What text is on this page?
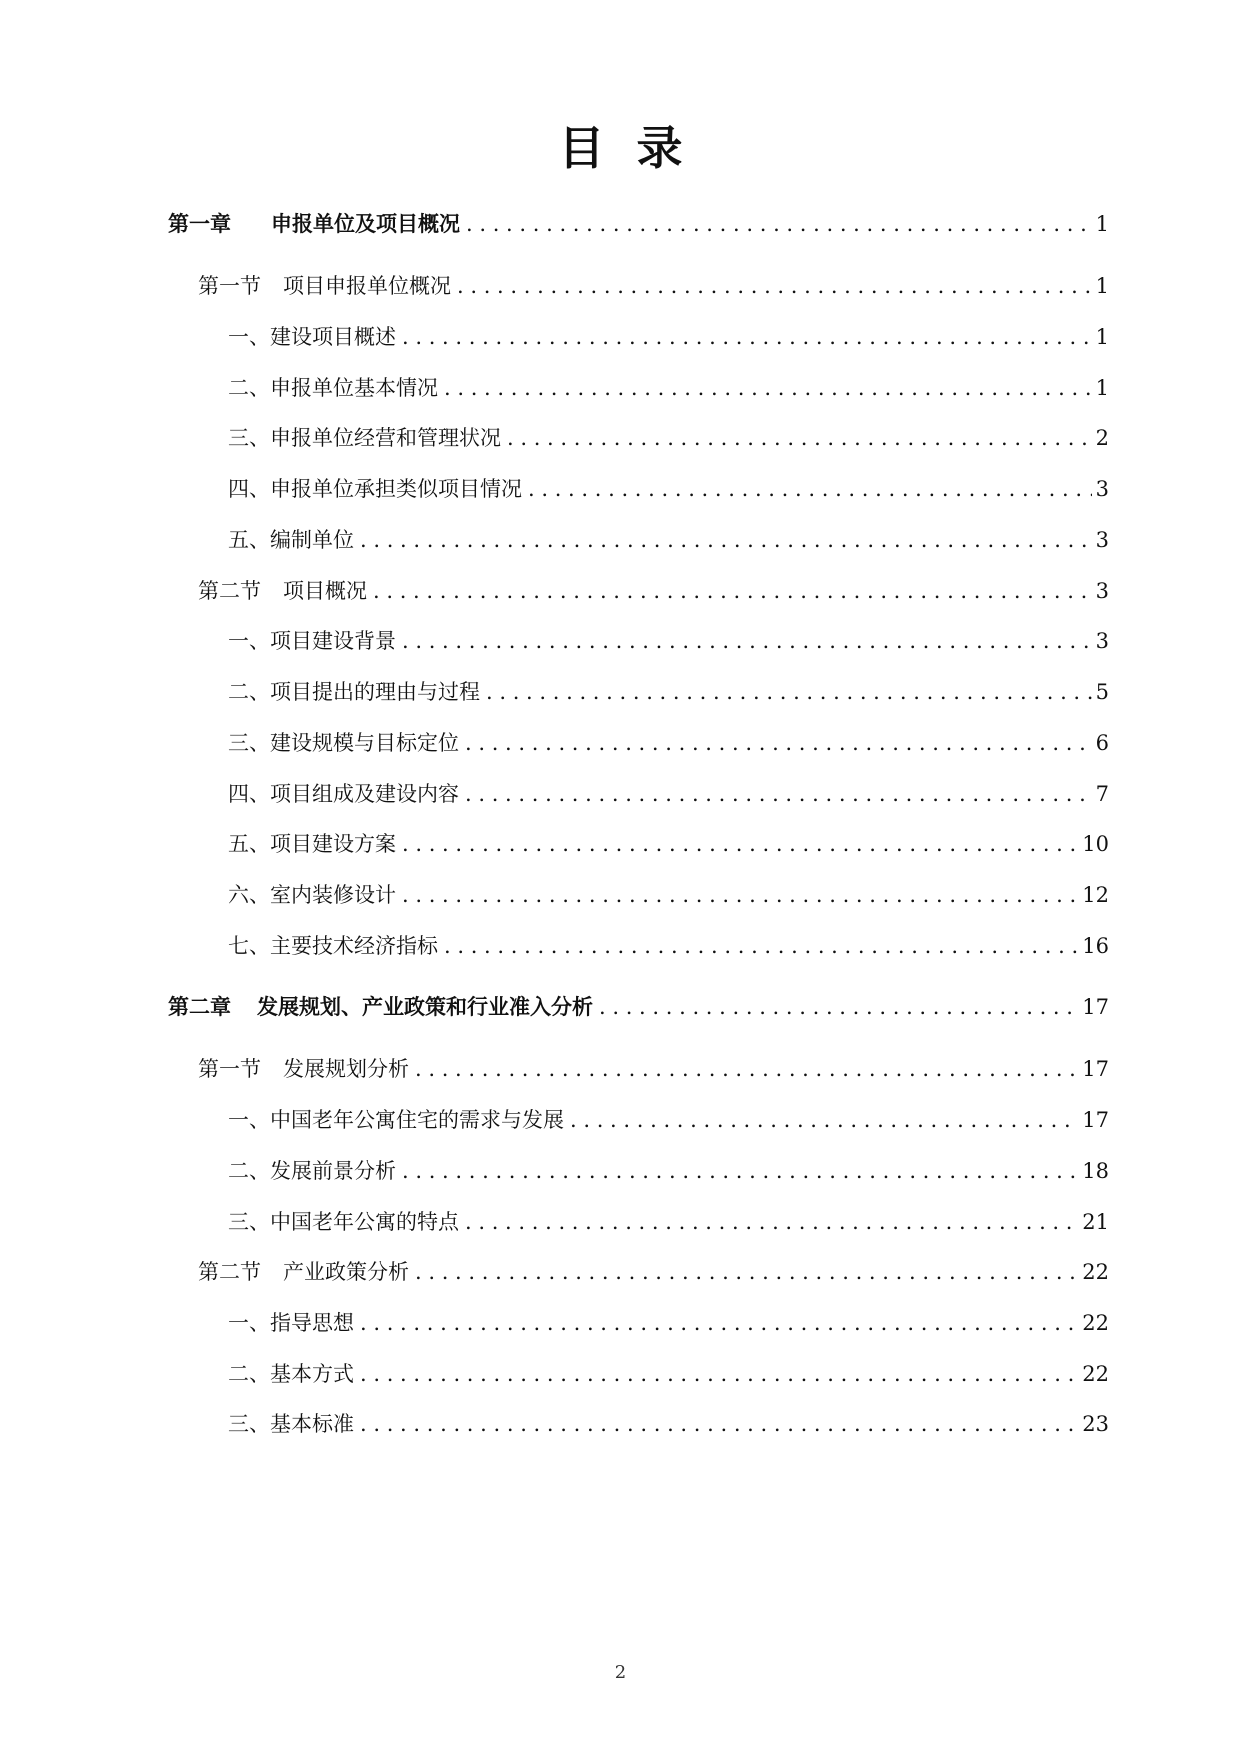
目录
第一章 申报单位及项目概况 . . .	1
第一节 项目申报单位概况 . . .	1
一、建设项目概述 . . .	1
二、申报单位基本情况 . . .	1
三、申报单位经营和管理状况 . . .	2
四、申报单位承担类似项目情况 . . .	3
五、编制单位 . . .	3
第二节 项目概况 . . .	3
一、项目建设背景 . . .	3
二、项目提出的理由与过程 . . .	5
三、建设规模与目标定位 . . .	6
四、项目组成及建设内容 . . .	7
五、项目建设方案 . . .	10
六、室内装修设计 . . .	12
七、主要技术经济指标 . . .	16
第二章 发展规划、产业政策和行业准入分析 . . .	17
第一节 发展规划分析 . . .	17
一、中国老年公寓住宅的需求与发展 . . .	17
二、发展前景分析 . . .	18
三、中国老年公寓的特点 . . .	21
第二节 产业政策分析 . . .	22
一、指导思想 . . .	22
二、基本方式 . . .	22
三、基本标准 . . .	23
2
